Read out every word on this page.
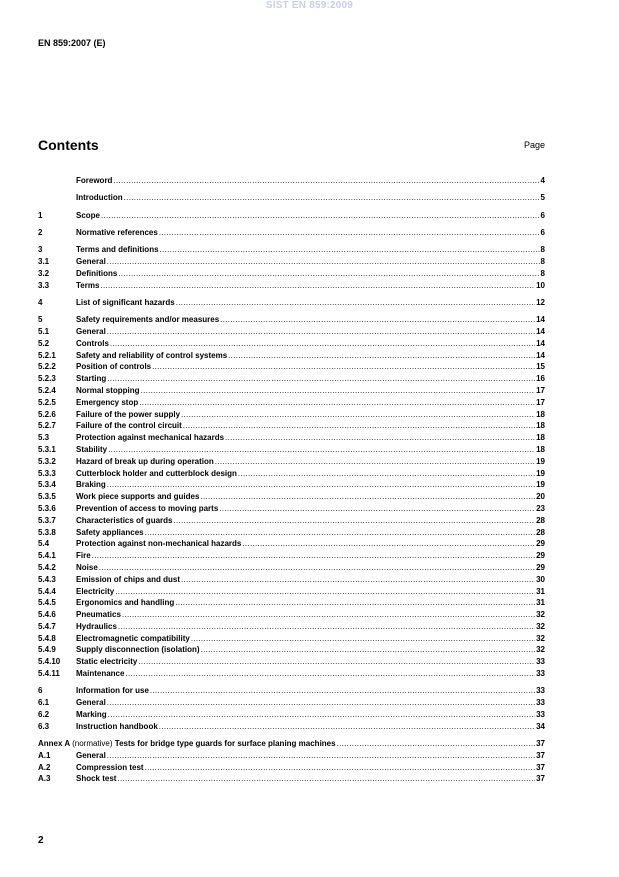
SIST EN 859:2009
EN 859:2007 (E)
Contents	Page
Foreword .....	4
Introduction .....	5
1	Scope .....	6
2	Normative references .....	6
3	Terms and definitions .....	8
3.1	General .....	8
3.2	Definitions .....	8
3.3	Terms .....	10
4	List of significant hazards .....	12
5	Safety requirements and/or measures .....	14
5.1	General .....	14
5.2	Controls .....	14
5.2.1	Safety and reliability of control systems .....	14
5.2.2	Position of controls .....	15
5.2.3	Starting .....	16
5.2.4	Normal stopping .....	17
5.2.5	Emergency stop .....	17
5.2.6	Failure of the power supply .....	18
5.2.7	Failure of the control circuit .....	18
5.3	Protection against mechanical hazards .....	18
5.3.1	Stability .....	18
5.3.2	Hazard of break up during operation .....	19
5.3.3	Cutterblock holder and cutterblock design .....	19
5.3.4	Braking .....	19
5.3.5	Work piece supports and guides .....	20
5.3.6	Prevention of access to moving parts .....	23
5.3.7	Characteristics of guards .....	28
5.3.8	Safety appliances .....	28
5.4	Protection against non-mechanical hazards .....	29
5.4.1	Fire .....	29
5.4.2	Noise .....	29
5.4.3	Emission of chips and dust .....	30
5.4.4	Electricity .....	31
5.4.5	Ergonomics and handling .....	31
5.4.6	Pneumatics .....	32
5.4.7	Hydraulics .....	32
5.4.8	Electromagnetic compatibility .....	32
5.4.9	Supply disconnection (isolation) .....	32
5.4.10	Static electricity .....	33
5.4.11	Maintenance .....	33
6	Information for use .....	33
6.1	General .....	33
6.2	Marking .....	33
6.3	Instruction handbook .....	34
Annex A (normative) Tests for bridge type guards for surface planing machines .....	37
A.1	General .....	37
A.2	Compression test .....	37
A.3	Shock test .....	37
2
